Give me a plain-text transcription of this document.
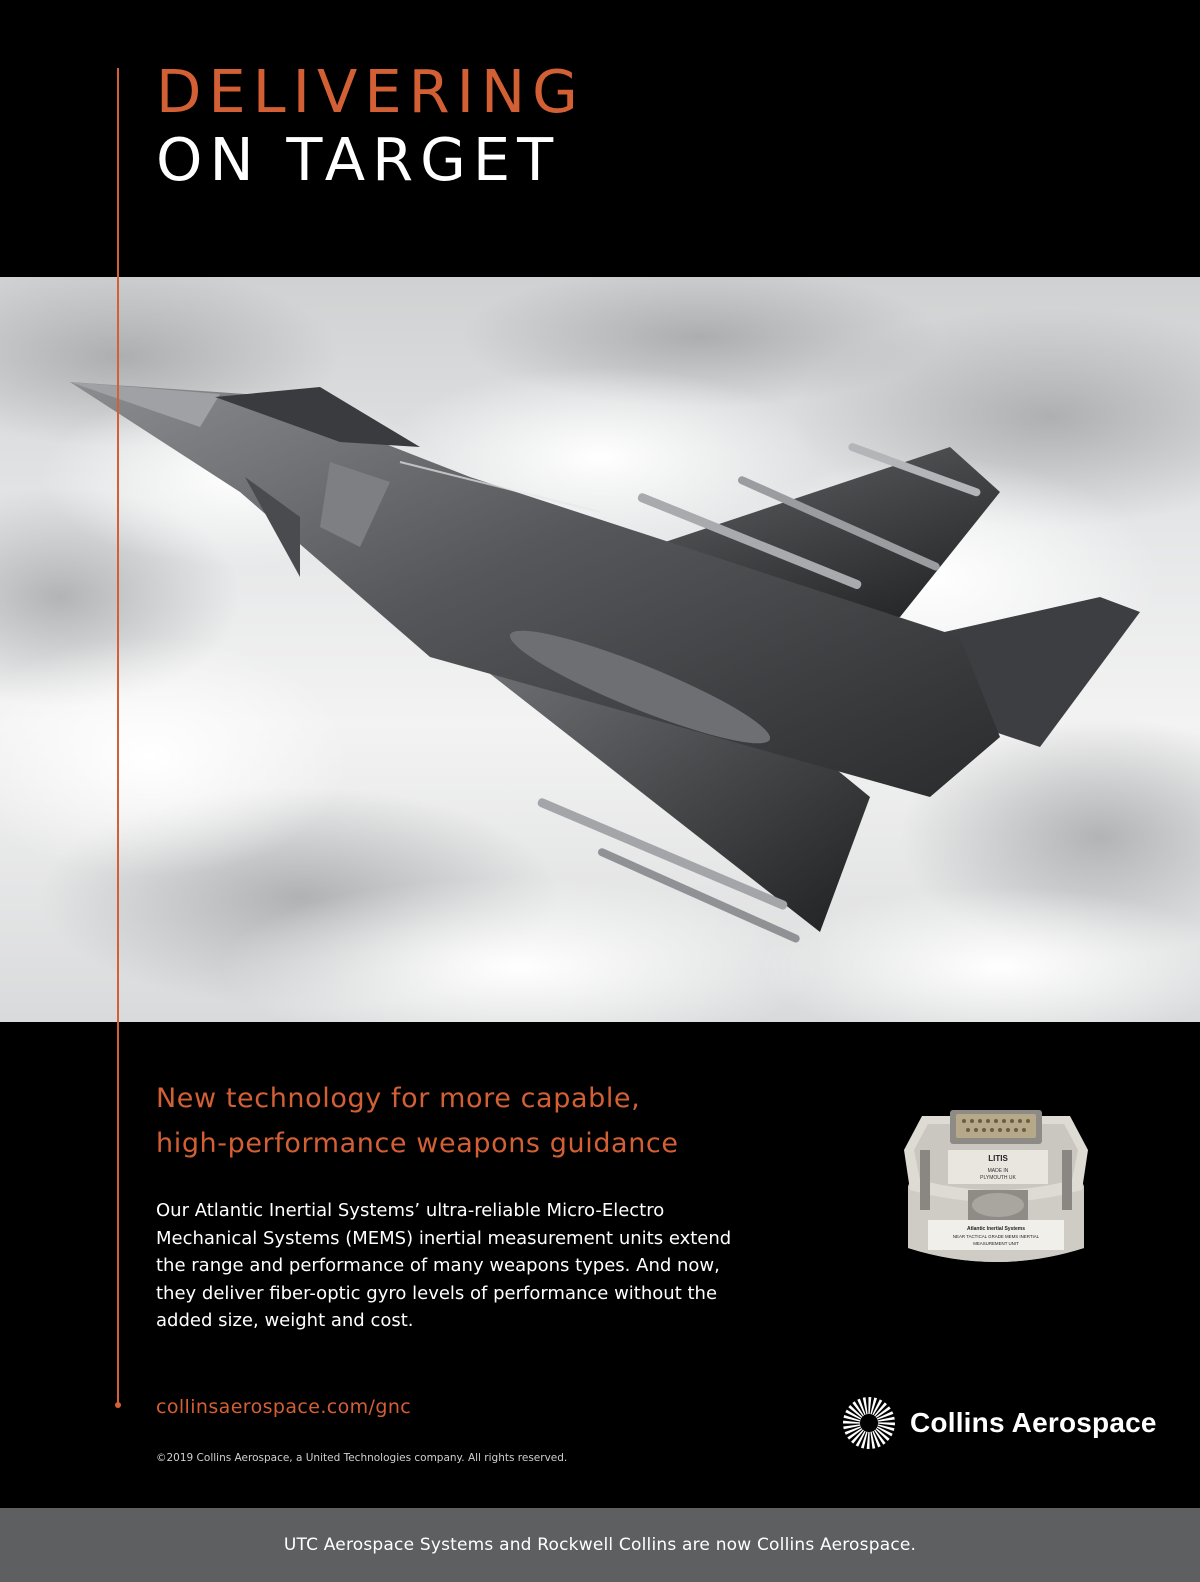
DELIVERING
ON TARGET
New technology for more capable,
high-performance weapons guidance

Our Atlantic Inertial Systems’ ultra-reliable Micro-Electro
Mechanical Systems (MEMS) inertial measurement units extend
the range and performance of many weapons types. And now,
they deliver fiber-optic gyro levels of performance without the
added size, weight and cost.

LITIS
MADE IN
PLYMOUTH UK
Atlantic Inertial Systems
NEAR TACTICAL GRADE MEMS INERTIAL
MEASUREMENT UNIT
collinsaerospace.com/gnc
©2019 Collins Aerospace, a United Technologies company. All rights reserved.
Collins Aerospace
UTC Aerospace Systems and Rockwell Collins are now Collins Aerospace.
